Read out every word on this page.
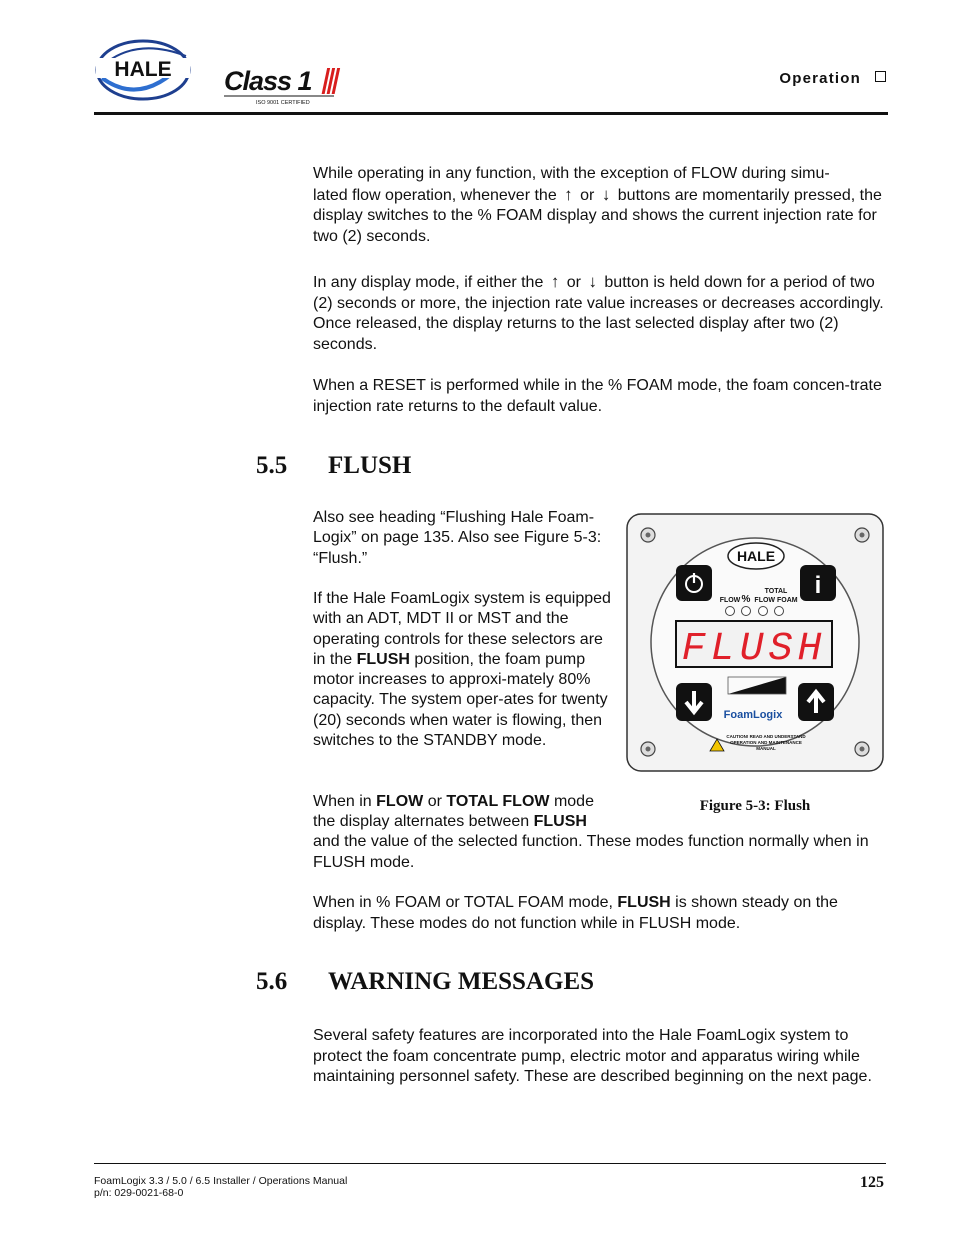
HALE Class 1
ISO 9001 CERTIFIED
Operation
While operating in any function, with the exception of FLOW during simu-
lated flow operation, whenever the ↑ or ↓ buttons are momentarily pressed, the display switches to the % FOAM display and shows the current injection rate for two (2) seconds.
In any display mode, if either the ↑ or ↓ button is held down for a period of two (2) seconds or more, the injection rate value increases or decreases accordingly. Once released, the display returns to the last selected display after two (2) seconds.
When a RESET is performed while in the % FOAM mode, the foam concen-trate injection rate returns to the default value.
5.5 FLUSH
Also see heading “Flushing Hale Foam-Logix” on page 135. Also see Figure 5-3: “Flush.”
If the Hale FoamLogix system is equipped with an ADT, MDT II or MST and the operating controls for these selectors are in the FLUSH position, the foam pump motor increases to approxi-mately 80% capacity. The system oper-ates for twenty (20) seconds when water is flowing, then switches to the STANDBY mode.
When in FLOW or TOTAL FLOW mode the display alternates between FLUSH
and the value of the selected function. These modes function normally when in FLUSH mode.
When in % FOAM or TOTAL FOAM mode, FLUSH is shown steady on the display. These modes do not function while in FLUSH mode.
HALE
i
TOTAL
FLOW % FLOW FOAM
FLUSH
FoamLogix
CAUTION! READ AND UNDERSTAND
OPERATION AND MAINTENANCE
MANUAL
Figure 5-3: Flush
5.6 WARNING MESSAGES
Several safety features are incorporated into the Hale FoamLogix system to protect the foam concentrate pump, electric motor and apparatus wiring while maintaining personnel safety. These are described beginning on the next page.
FoamLogix 3.3 / 5.0 / 6.5 Installer / Operations Manual
p/n: 029-0021-68-0
125
